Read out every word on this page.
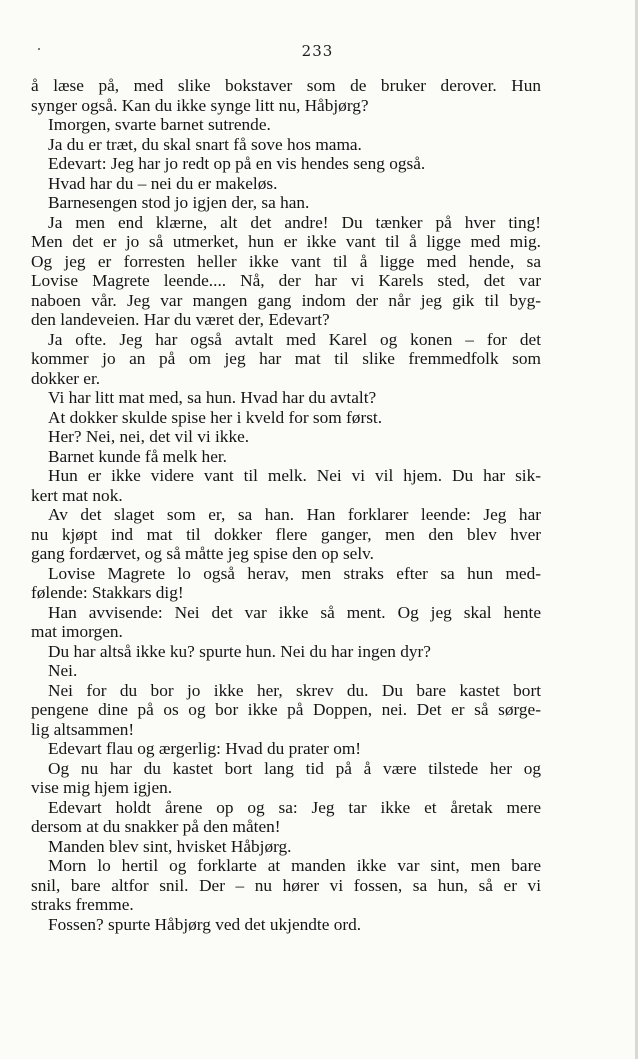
233
å læse på, med slike bokstaver som de bruker derover. Hun
synger også. Kan du ikke synge litt nu, Håbjørg?
Imorgen, svarte barnet sutrende.
Ja du er træt, du skal snart få sove hos mama.
Edevart: Jeg har jo redt op på en vis hendes seng også.
Hvad har du – nei du er makeløs.
Barnesengen stod jo igjen der, sa han.
Ja men end klærne, alt det andre! Du tænker på hver ting!
Men det er jo så utmerket, hun er ikke vant til å ligge med mig.
Og jeg er forresten heller ikke vant til å ligge med hende, sa
Lovise Magrete leende.... Nå, der har vi Karels sted, det var
naboen vår. Jeg var mangen gang indom der når jeg gik til byg-
den landeveien. Har du været der, Edevart?
Ja ofte. Jeg har også avtalt med Karel og konen – for det
kommer jo an på om jeg har mat til slike fremmedfolk som
dokker er.
Vi har litt mat med, sa hun. Hvad har du avtalt?
At dokker skulde spise her i kveld for som først.
Her? Nei, nei, det vil vi ikke.
Barnet kunde få melk her.
Hun er ikke videre vant til melk. Nei vi vil hjem. Du har sik-
kert mat nok.
Av det slaget som er, sa han. Han forklarer leende: Jeg har
nu kjøpt ind mat til dokker flere ganger, men den blev hver
gang fordærvet, og så måtte jeg spise den op selv.
Lovise Magrete lo også herav, men straks efter sa hun med-
følende: Stakkars dig!
Han avvisende: Nei det var ikke så ment. Og jeg skal hente
mat imorgen.
Du har altså ikke ku? spurte hun. Nei du har ingen dyr?
Nei.
Nei for du bor jo ikke her, skrev du. Du bare kastet bort
pengene dine på os og bor ikke på Doppen, nei. Det er så sørge-
lig altsammen!
Edevart flau og ærgerlig: Hvad du prater om!
Og nu har du kastet bort lang tid på å være tilstede her og
vise mig hjem igjen.
Edevart holdt årene op og sa: Jeg tar ikke et åretak mere
dersom at du snakker på den måten!
Manden blev sint, hvisket Håbjørg.
Morn lo hertil og forklarte at manden ikke var sint, men bare
snil, bare altfor snil. Der – nu hører vi fossen, sa hun, så er vi
straks fremme.
Fossen? spurte Håbjørg ved det ukjendte ord.
